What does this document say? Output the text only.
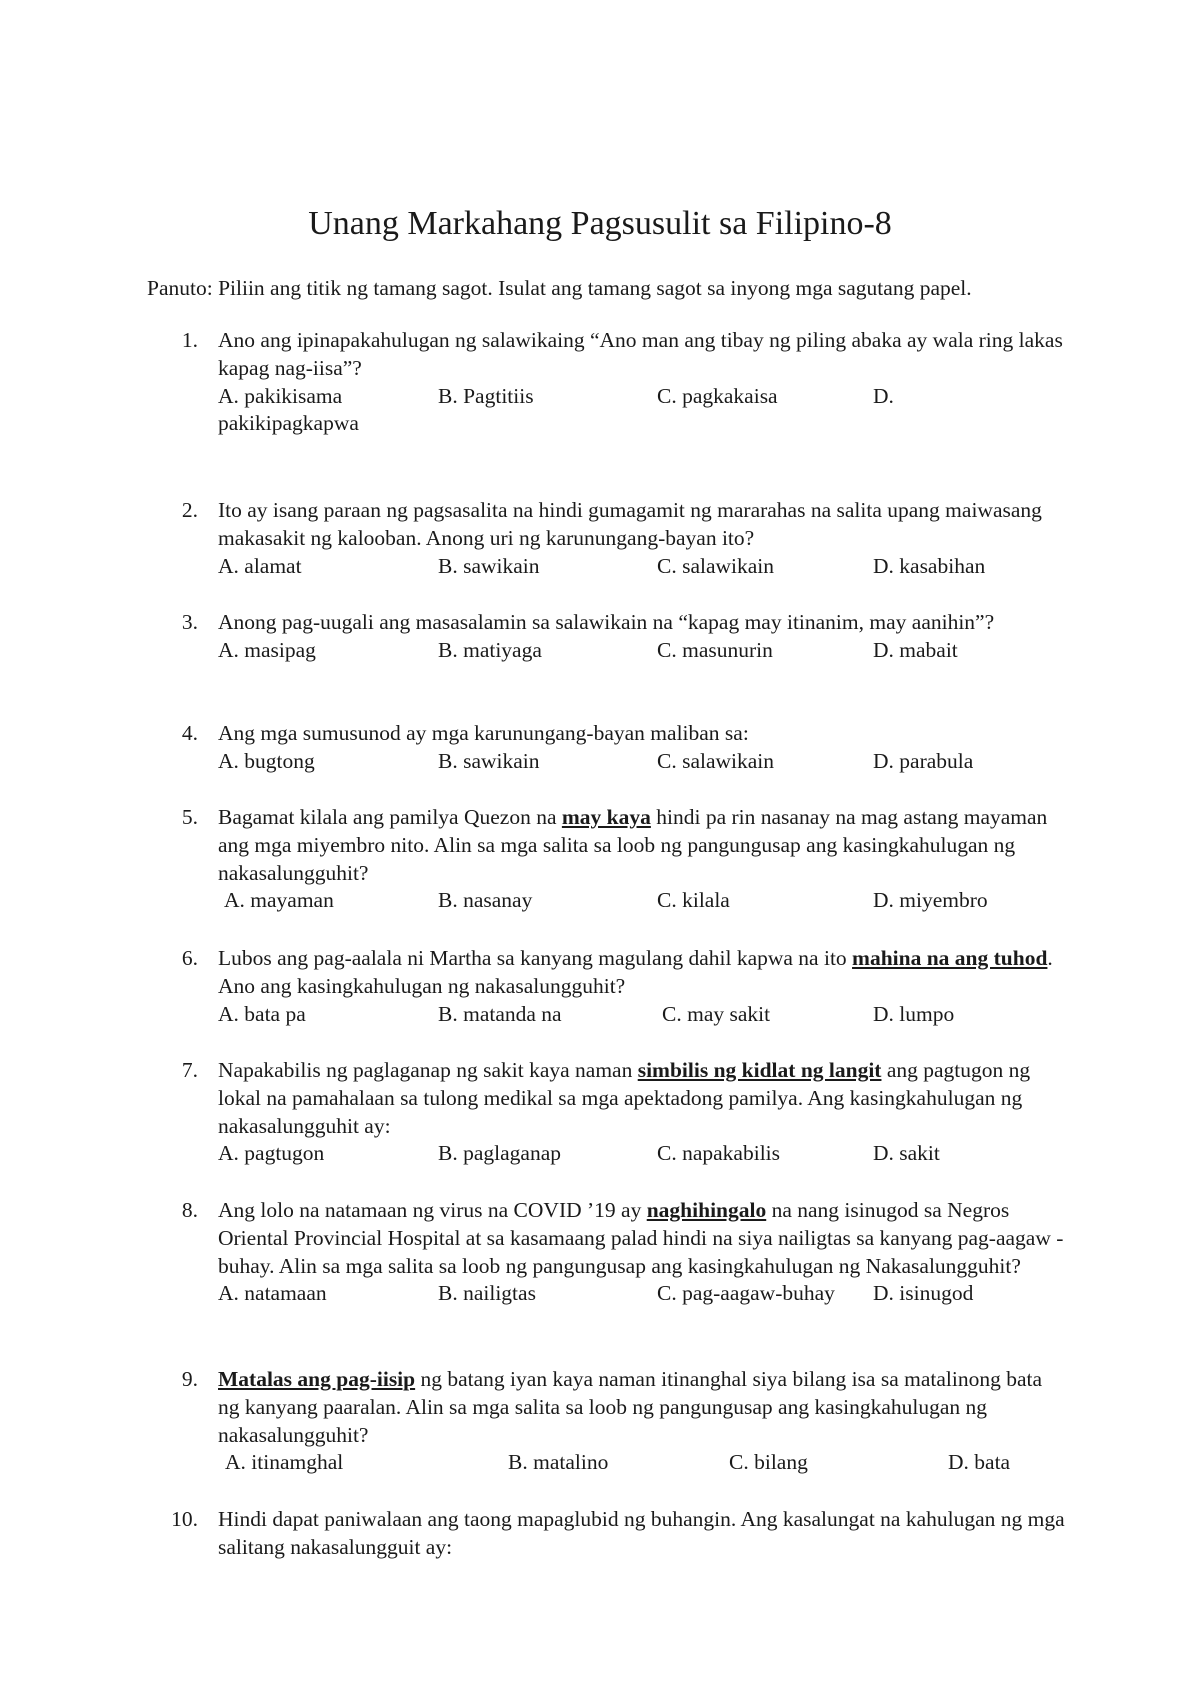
Unang Markahang Pagsusulit sa Filipino-8

Panuto: Piliin ang titik ng tamang sagot. Isulat ang tamang sagot sa inyong mga sagutang papel.

1. Ano ang ipinapakahulugan ng salawikaing “Ano man ang tibay ng piling abaka ay wala ring lakas kapag nag-iisa”?

A. pakikisama	B. Pagtitiis	C. pagkakaisa	D.

pakikipagkapwa

2. Ito ay isang paraan ng pagsasalita na hindi gumagamit ng mararahas na salita upang maiwasang makasakit ng kalooban. Anong uri ng karunungang-bayan ito?

A. alamat	B. sawikain	C. salawikain	D. kasabihan
3. Anong pag-uugali ang masasalamin sa salawikain na “kapag may itinanim, may aanihin”?

A. masipag	B. matiyaga	C. masunurin	D. mabait
4. Ang mga sumusunod ay mga karunungang-bayan maliban sa:

A. bugtong	B. sawikain	C. salawikain	D. parabula
5. Bagamat kilala ang pamilya Quezon na may kaya hindi pa rin nasanay na mag astang mayaman ang mga miyembro nito. Alin sa mga salita sa loob ng pangungusap ang kasingkahulugan ng nakasalungguhit?

A. mayaman	B. nasanay	C. kilala	D. miyembro
6. Lubos ang pag-aalala ni Martha sa kanyang magulang dahil kapwa na ito mahina na ang tuhod. Ano ang kasingkahulugan ng nakasalungguhit?

A. bata pa	B. matanda na	C. may sakit	D. lumpo
7. Napakabilis ng paglaganap ng sakit kaya naman simbilis ng kidlat ng langit ang pagtugon ng lokal na pamahalaan sa tulong medikal sa mga apektadong pamilya. Ang kasingkahulugan ng nakasalungguhit ay:

A. pagtugon	B. paglaganap	C. napakabilis	D. sakit
8. Ang lolo na natamaan ng virus na COVID ’19 ay naghihingalo na nang isinugod sa Negros Oriental Provincial Hospital at sa kasamaang palad hindi na siya nailigtas sa kanyang pag-aagaw -buhay. Alin sa mga salita sa loob ng pangungusap ang kasingkahulugan ng Nakasalungguhit?

A. natamaan	B. nailigtas	C. pag-aagaw-buhay D. isinugod
9. Matalas ang pag-iisip ng batang iyan kaya naman itinanghal siya bilang isa sa matalinong bata ng kanyang paaralan. Alin sa mga salita sa loob ng pangungusap ang kasingkahulugan ng nakasalungguhit?

A. itinamghal	B. matalino	C. bilang	D. bata
10. Hindi dapat paniwalaan ang taong mapaglubid ng buhangin. Ang kasalungat na kahulugan ng mga salitang nakasalungguit ay:
